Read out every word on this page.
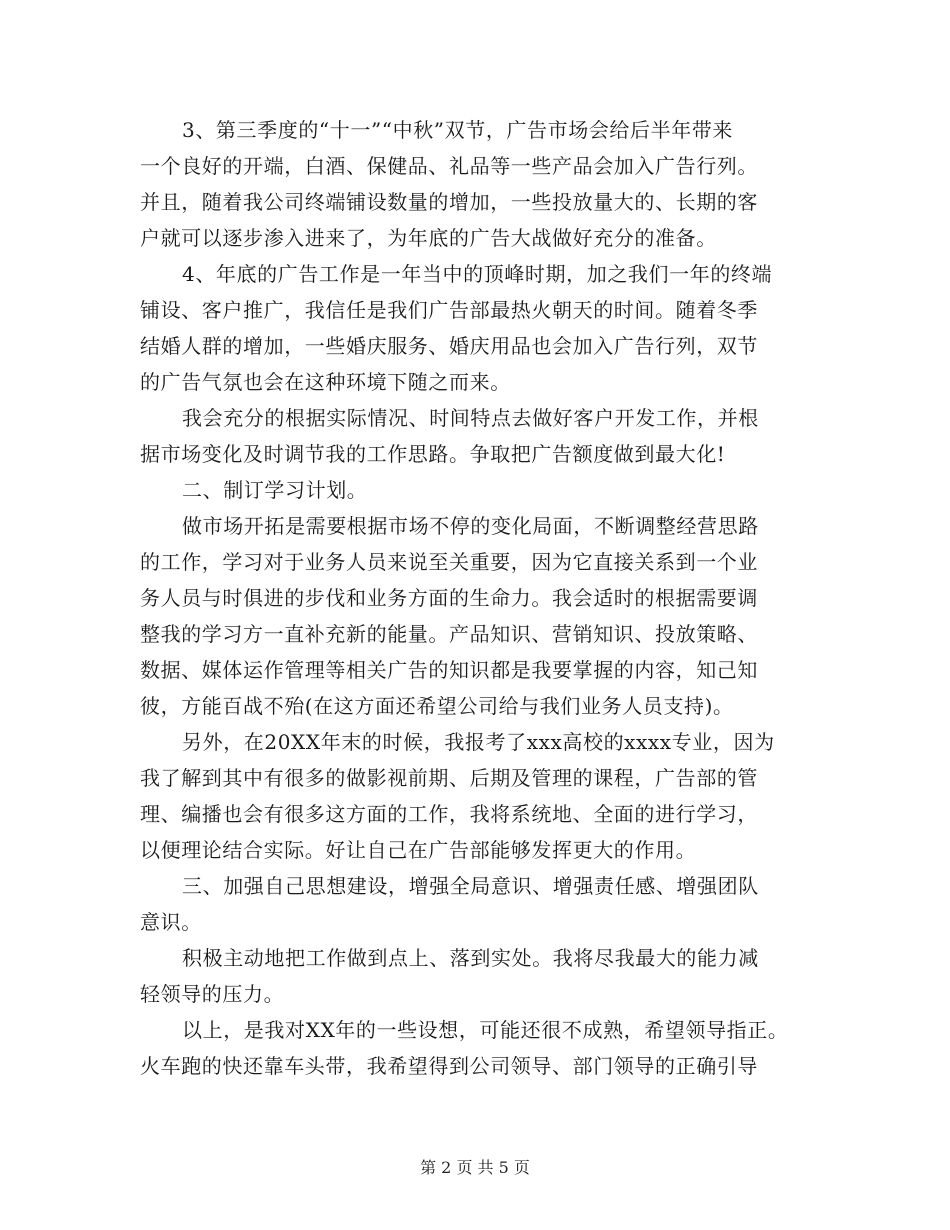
3、第三季度的“十一”“中秋”双节，广告市场会给后半年带来
一个良好的开端，白酒、保健品、礼品等一些产品会加入广告行列。
并且，随着我公司终端铺设数量的增加，一些投放量大的、长期的客
户就可以逐步渗入进来了，为年底的广告大战做好充分的准备。
4、年底的广告工作是一年当中的顶峰时期，加之我们一年的终端
铺设、客户推广，我信任是我们广告部最热火朝天的时间。随着冬季
结婚人群的增加，一些婚庆服务、婚庆用品也会加入广告行列，双节
的广告气氛也会在这种环境下随之而来。
我会充分的根据实际情况、时间特点去做好客户开发工作，并根
据市场变化及时调节我的工作思路。争取把广告额度做到最大化!
二、制订学习计划。
做市场开拓是需要根据市场不停的变化局面，不断调整经营思路
的工作，学习对于业务人员来说至关重要，因为它直接关系到一个业
务人员与时俱进的步伐和业务方面的生命力。我会适时的根据需要调
整我的学习方一直补充新的能量。产品知识、营销知识、投放策略、
数据、媒体运作管理等相关广告的知识都是我要掌握的内容，知己知
彼，方能百战不殆(在这方面还希望公司给与我们业务人员支持)。
另外，在20XX年末的时候，我报考了xxx高校的xxxx专业，因为
我了解到其中有很多的做影视前期、后期及管理的课程，广告部的管
理、编播也会有很多这方面的工作，我将系统地、全面的进行学习，
以便理论结合实际。好让自己在广告部能够发挥更大的作用。
三、加强自己思想建设，增强全局意识、增强责任感、增强团队
意识。
积极主动地把工作做到点上、落到实处。我将尽我最大的能力减
轻领导的压力。
以上，是我对XX年的一些设想，可能还很不成熟，希望领导指正。
火车跑的快还靠车头带，我希望得到公司领导、部门领导的正确引导
第 2 页 共 5 页
